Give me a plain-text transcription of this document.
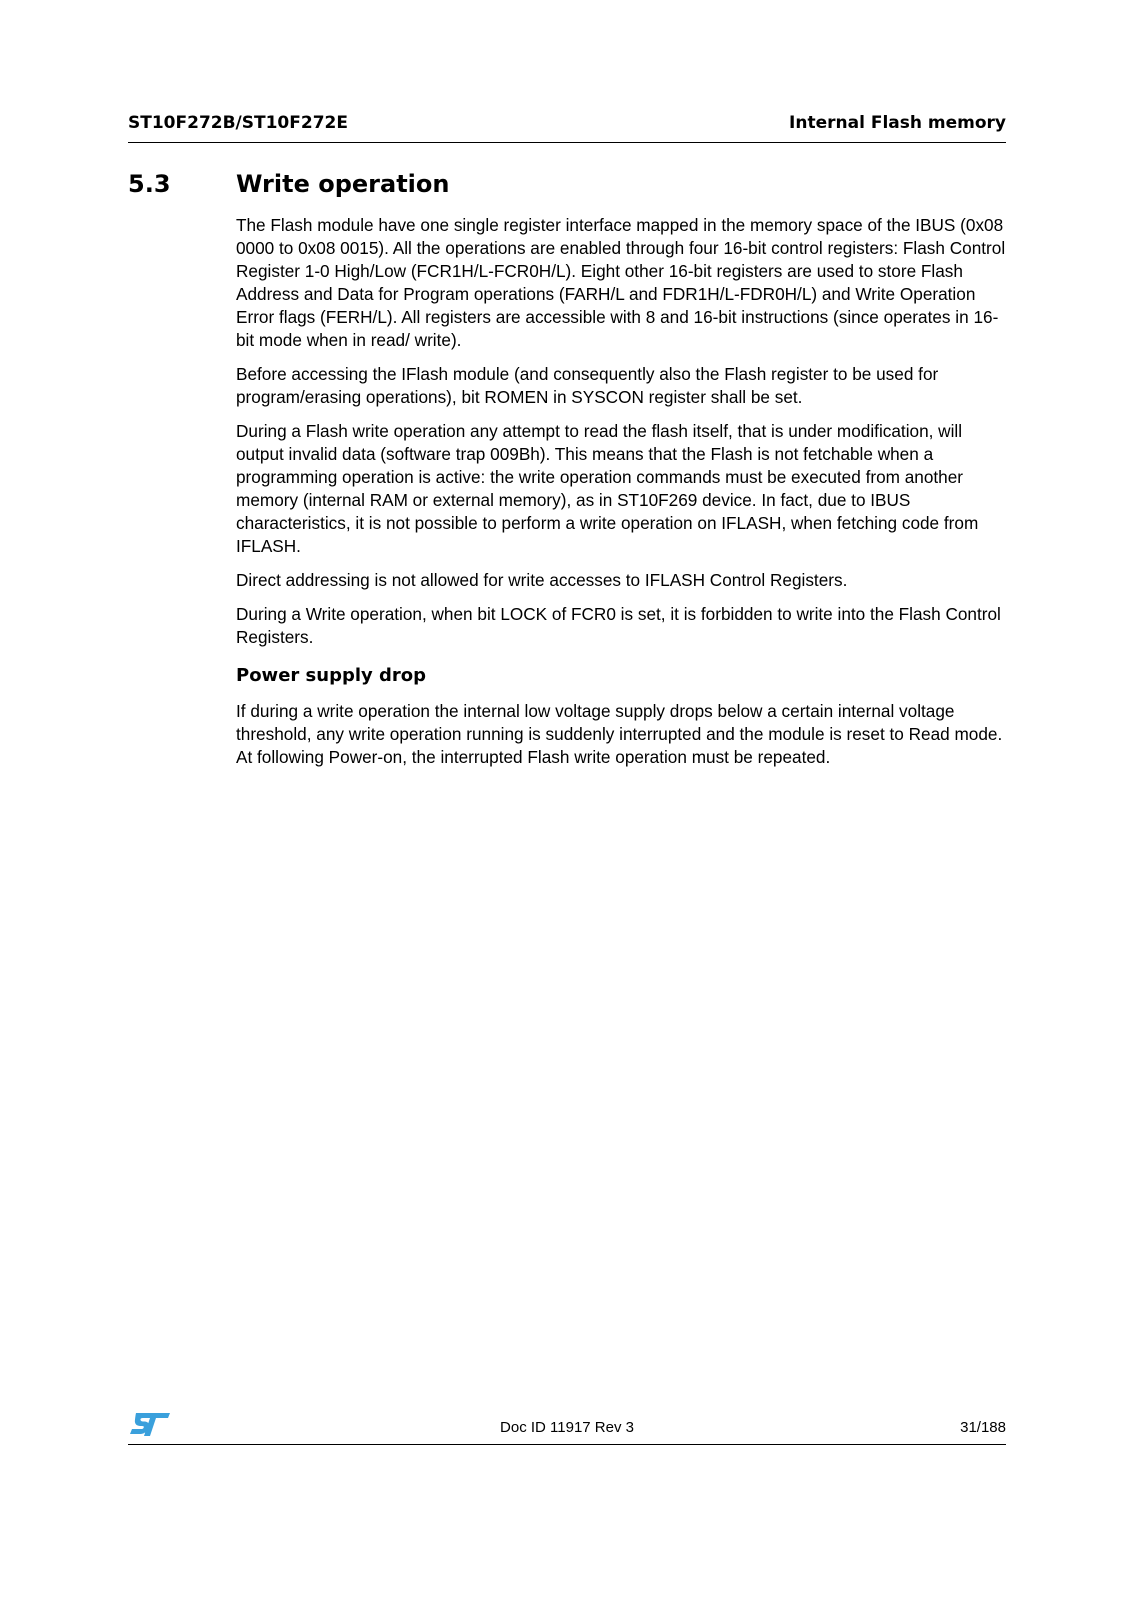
ST10F272B/ST10F272E	Internal Flash memory
5.3	Write operation

The Flash module have one single register interface mapped in the memory space of the IBUS (0x08 0000 to 0x08 0015). All the operations are enabled through four 16-bit control registers: Flash Control Register 1-0 High/Low (FCR1H/L-FCR0H/L). Eight other 16-bit registers are used to store Flash Address and Data for Program operations (FARH/L and FDR1H/L-FDR0H/L) and Write Operation Error flags (FERH/L). All registers are accessible with 8 and 16-bit instructions (since operates in 16-bit mode when in read/ write).

Before accessing the IFlash module (and consequently also the Flash register to be used for program/erasing operations), bit ROMEN in SYSCON register shall be set.

During a Flash write operation any attempt to read the flash itself, that is under modification, will output invalid data (software trap 009Bh). This means that the Flash is not fetchable when a programming operation is active: the write operation commands must be executed from another memory (internal RAM or external memory), as in ST10F269 device. In fact, due to IBUS characteristics, it is not possible to perform a write operation on IFLASH, when fetching code from IFLASH.

Direct addressing is not allowed for write accesses to IFLASH Control Registers.

During a Write operation, when bit LOCK of FCR0 is set, it is forbidden to write into the Flash Control Registers.

Power supply drop

If during a write operation the internal low voltage supply drops below a certain internal voltage threshold, any write operation running is suddenly interrupted and the module is reset to Read mode. At following Power-on, the interrupted Flash write operation must be repeated.

Doc ID 11917 Rev 3	31/188
